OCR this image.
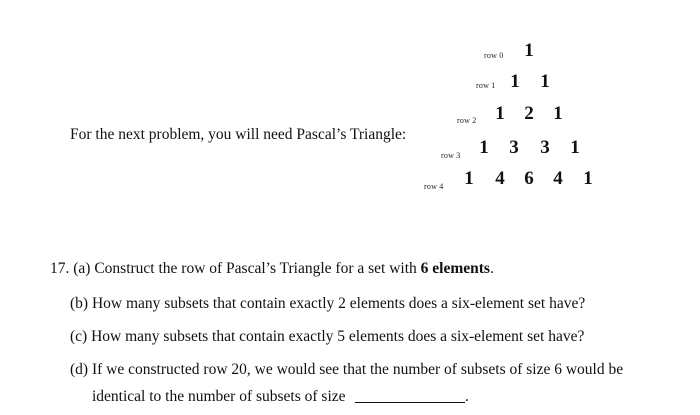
For the next problem, you will need Pascal’s Triangle:
row 0 1
row 1 1 1
row 2 1 2 1
row 3 1 3 3 1
row 4 1 4 6 4 1
17. (a) Construct the row of Pascal’s Triangle for a set with 6 elements.
(b) How many subsets that contain exactly 2 elements does a six-element set have?
(c) How many subsets that contain exactly 5 elements does a six-element set have?
(d) If we constructed row 20, we would see that the number of subsets of size 6 would be
identical to the number of subsets of size	.
